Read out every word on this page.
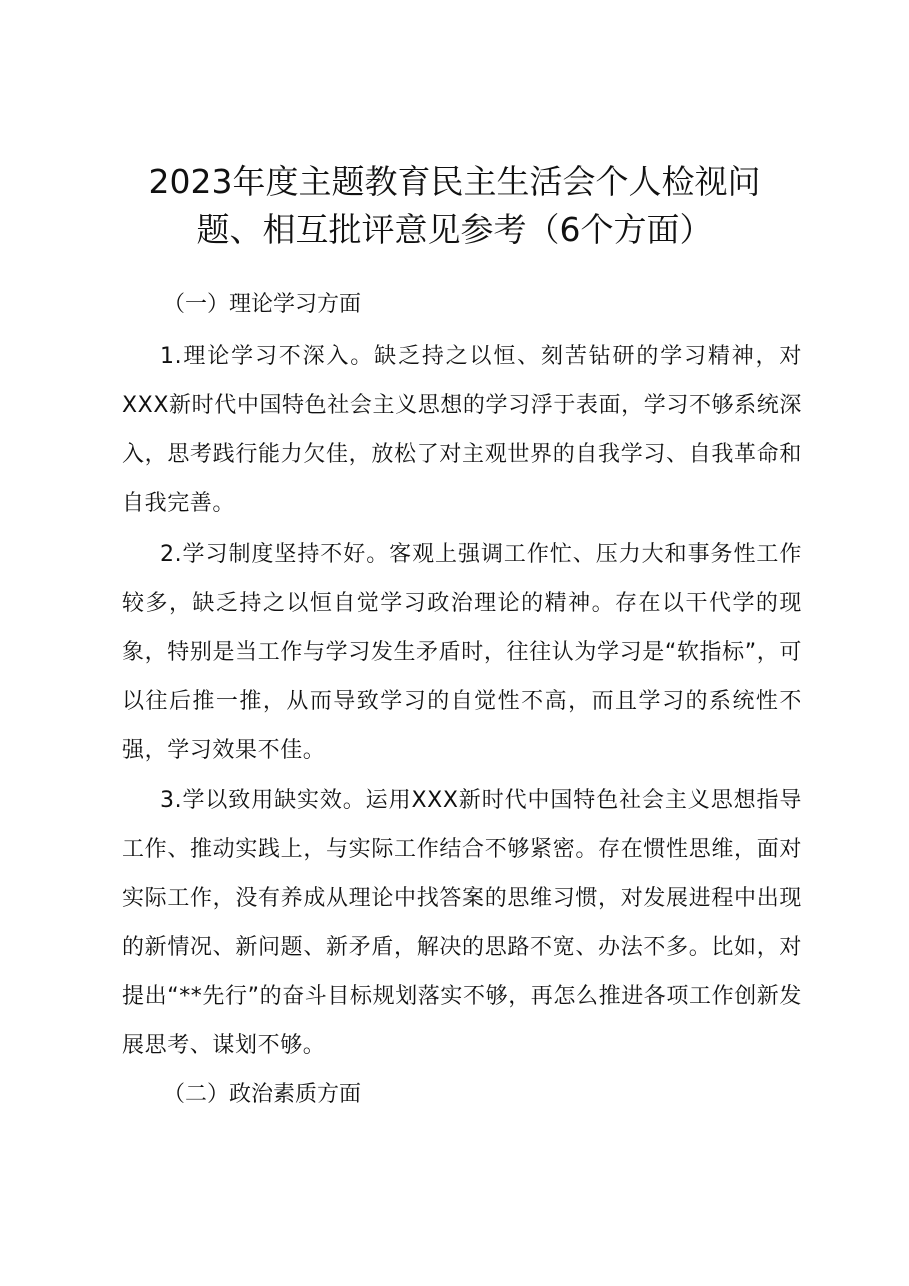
2023年度主题教育民主生活会个人检视问
题、相互批评意见参考（6个方面）
（一）理论学习方面

1.理论学习不深入。缺乏持之以恒、刻苦钻研的学习精神，对XXX新时代中国特色社会主义思想的学习浮于表面，学习不够系统深入，思考践行能力欠佳，放松了对主观世界的自我学习、自我革命和自我完善。

2.学习制度坚持不好。客观上强调工作忙、压力大和事务性工作较多，缺乏持之以恒自觉学习政治理论的精神。存在以干代学的现象，特别是当工作与学习发生矛盾时，往往认为学习是“软指标”，可以往后推一推，从而导致学习的自觉性不高，而且学习的系统性不强，学习效果不佳。

3.学以致用缺实效。运用XXX新时代中国特色社会主义思想指导工作、推动实践上，与实际工作结合不够紧密。存在惯性思维，面对实际工作，没有养成从理论中找答案的思维习惯，对发展进程中出现的新情况、新问题、新矛盾，解决的思路不宽、办法不多。比如，对提出“**先行”的奋斗目标规划落实不够，再怎么推进各项工作创新发展思考、谋划不够。

（二）政治素质方面
